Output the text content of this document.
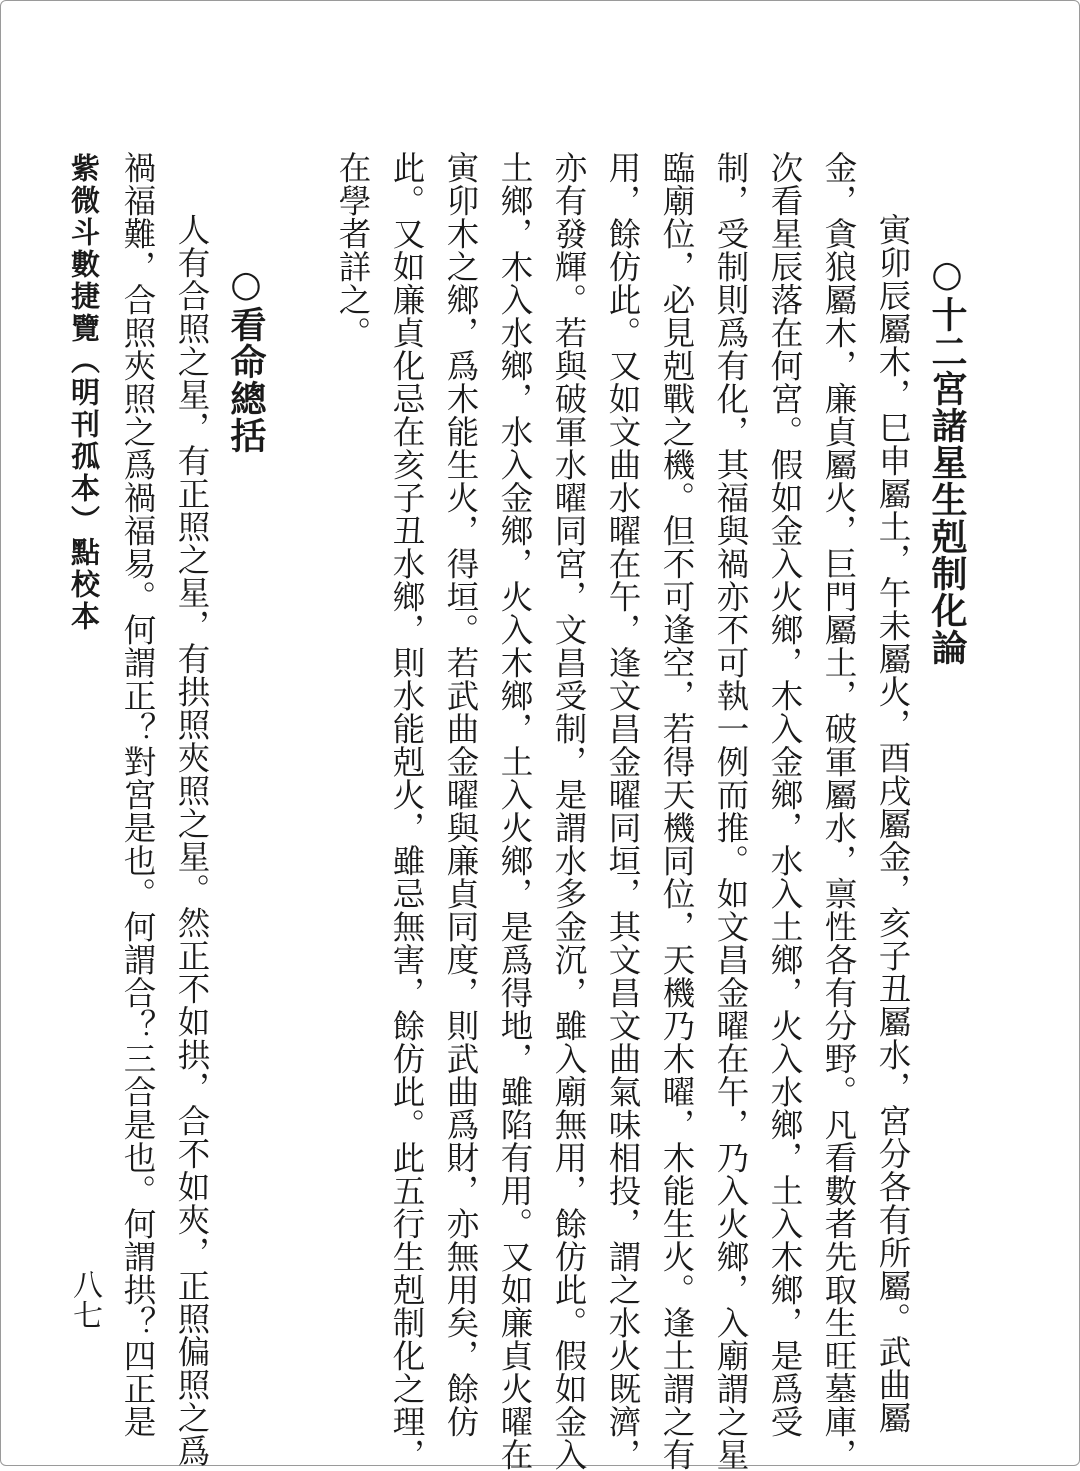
○十二宮諸星生剋制化論
寅卯辰屬木，巳申屬土，午未屬火，酉戌屬金，亥子丑屬水，宮分各有所屬。武曲屬
金，貪狼屬木，廉貞屬火，巨門屬土，破軍屬水，禀性各有分野。凡看數者先取生旺墓庫，
次看星辰落在何宮。假如金入火鄉，木入金鄉，水入土鄉，火入水鄉，土入木鄉，是爲受
制，受制則爲有化，其福與禍亦不可執一例而推。如文昌金曜在午，乃入火鄉，入廟謂之星
臨廟位，必見剋戰之機。但不可逢空，若得天機同位，天機乃木曜，木能生火。逢土謂之有
用，餘仿此。又如文曲水曜在午，逢文昌金曜同垣，其文昌文曲氣味相投，謂之水火既濟，
亦有發輝。若與破軍水曜同宮，文昌受制，是謂水多金沉，雖入廟無用，餘仿此。假如金入
土鄉，木入水鄉，水入金鄉，火入木鄉，土入火鄉，是爲得地，雖陷有用。又如廉貞火曜在
寅卯木之鄉，爲木能生火，得垣。若武曲金曜與廉貞同度，則武曲爲財，亦無用矣，餘仿
此。又如廉貞化忌在亥子丑水鄉，則水能剋火，雖忌無害，餘仿此。此五行生剋制化之理，
在學者詳之。
○看命總括
人有合照之星，有正照之星，有拱照夾照之星。然正不如拱，合不如夾，正照偏照之爲
禍福難，合照夾照之爲禍福易。何謂正？對宮是也。何謂合？三合是也。何謂拱？四正是
紫微斗數捷覽（明刊孤本）點校本
八七
